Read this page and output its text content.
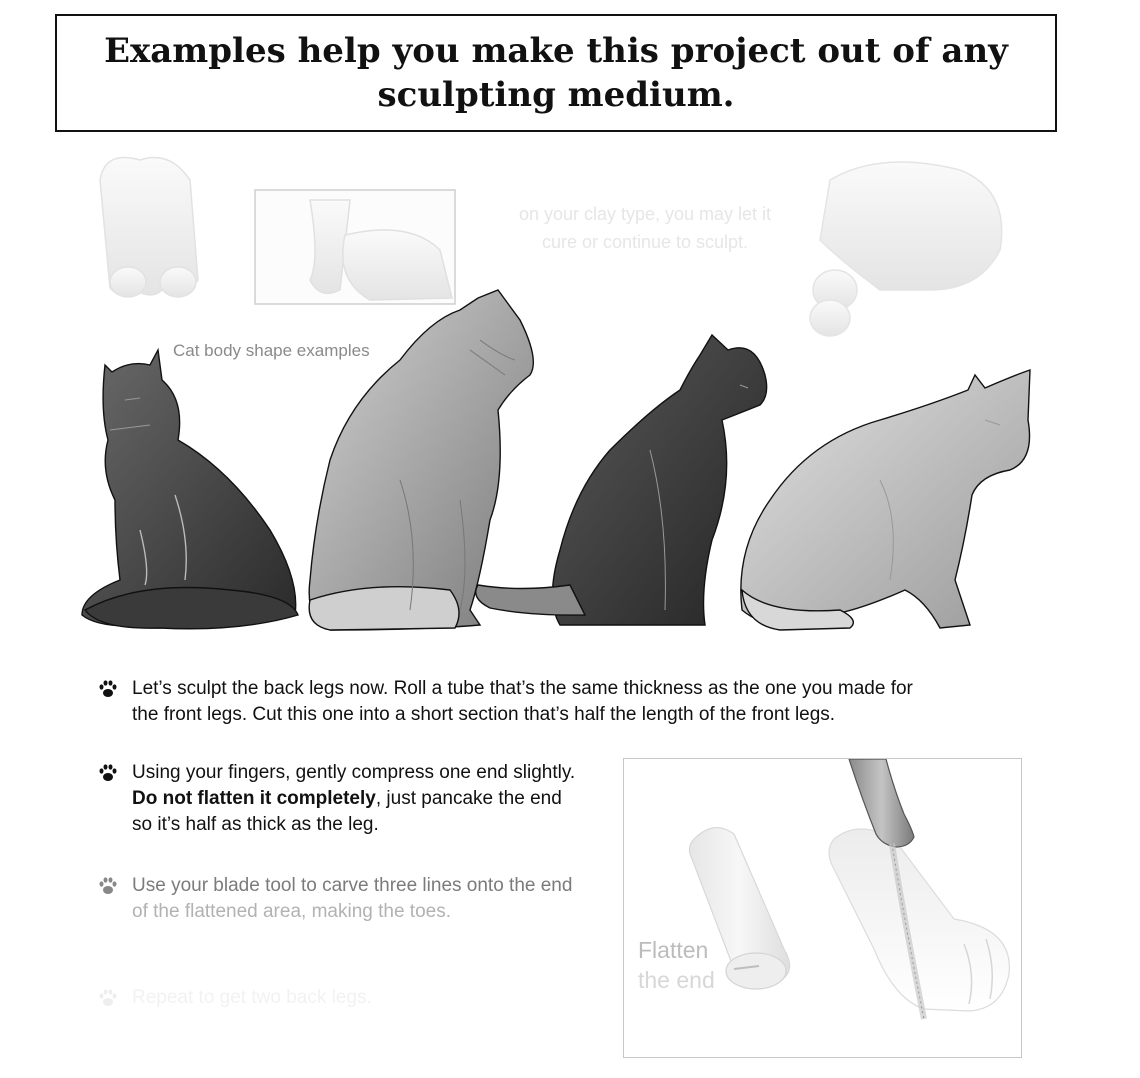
Examples help you make this project out of any sculpting medium.
on your clay type, you may let it
cure or continue to sculpt.
Cat body shape examples
Let’s sculpt the back legs now. Roll a tube that’s the same thickness as the one you made for
the front legs. Cut this one into a short section that’s half the length of the front legs.
Using your fingers, gently compress one end slightly.
Do not flatten it completely, just pancake the end
so it’s half as thick as the leg.
Use your blade tool to carve three lines onto the end
of the flattened area, making the toes.
Repeat to get two back legs.
Flatten
the end
